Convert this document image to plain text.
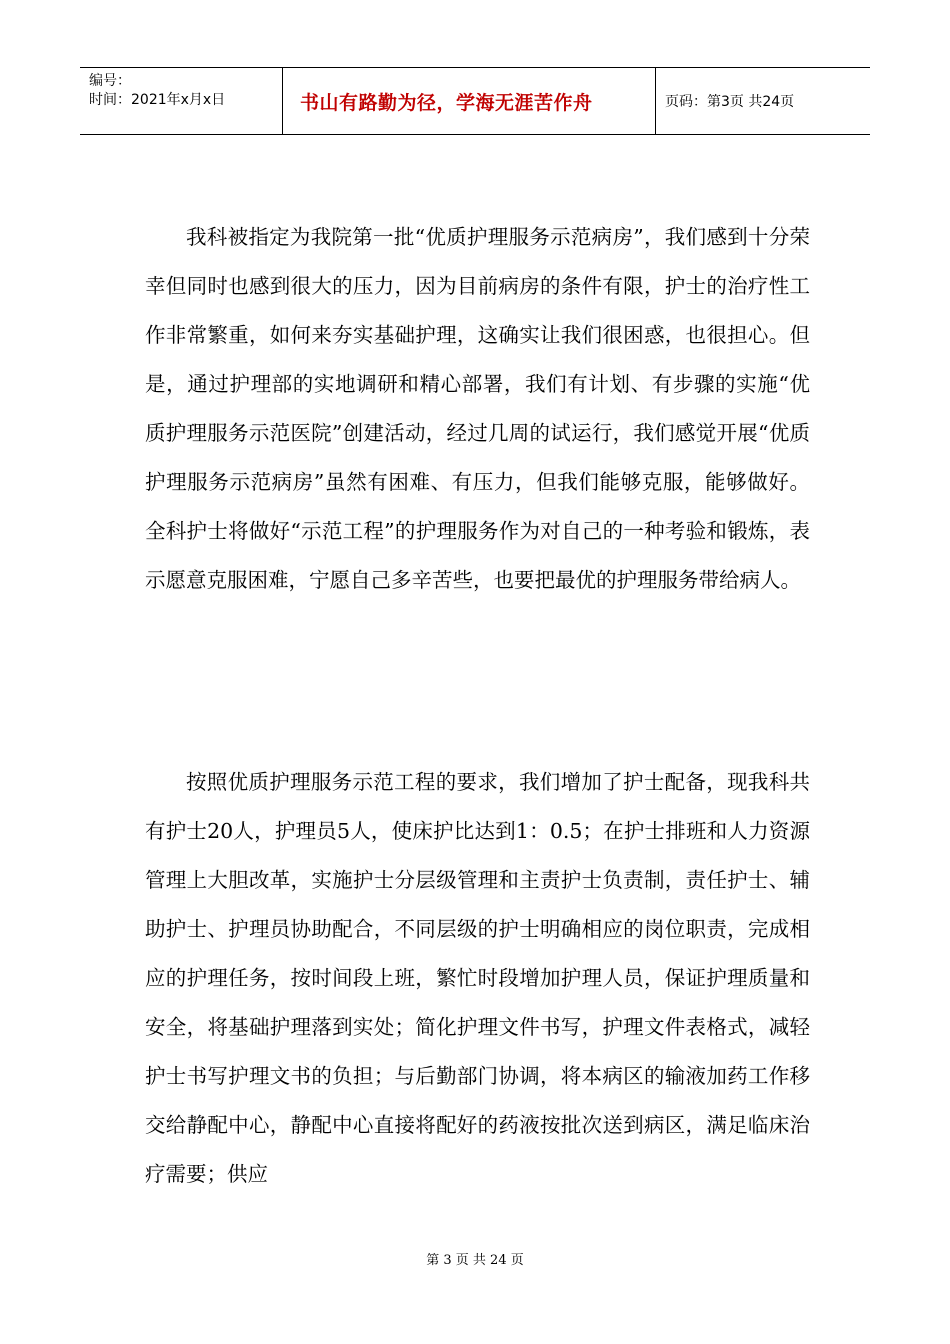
编号：
时间：2021年x月x日	书山有路勤为径，学海无涯苦作舟	页码：第3页 共24页

我科被指定为我院第一批“优质护理服务示范病房”，我们感到十分荣幸但同时也感到很大的压力，因为目前病房的条件有限，护士的治疗性工作非常繁重，如何来夯实基础护理，这确实让我们很困惑，也很担心。但是，通过护理部的实地调研和精心部署，我们有计划、有步骤的实施“优质护理服务示范医院”创建活动，经过几周的试运行，我们感觉开展“优质护理服务示范病房”虽然有困难、有压力，但我们能够克服，能够做好。全科护士将做好“示范工程”的护理服务作为对自己的一种考验和锻炼，表示愿意克服困难，宁愿自己多辛苦些，也要把最优的护理服务带给病人。

按照优质护理服务示范工程的要求，我们增加了护士配备，现我科共有护士20人，护理员5人，使床护比达到1：0.5；在护士排班和人力资源管理上大胆改革，实施护士分层级管理和主责护士负责制，责任护士、辅助护士、护理员协助配合，不同层级的护士明确相应的岗位职责，完成相应的护理任务，按时间段上班，繁忙时段增加护理人员，保证护理质量和安全，将基础护理落到实处；简化护理文件书写，护理文件表格式，减轻护士书写护理文书的负担；与后勤部门协调，将本病区的输液加药工作移交给静配中心，静配中心直接将配好的药液按批次送到病区，满足临床治疗需要；供应

第 3 页 共 24 页
